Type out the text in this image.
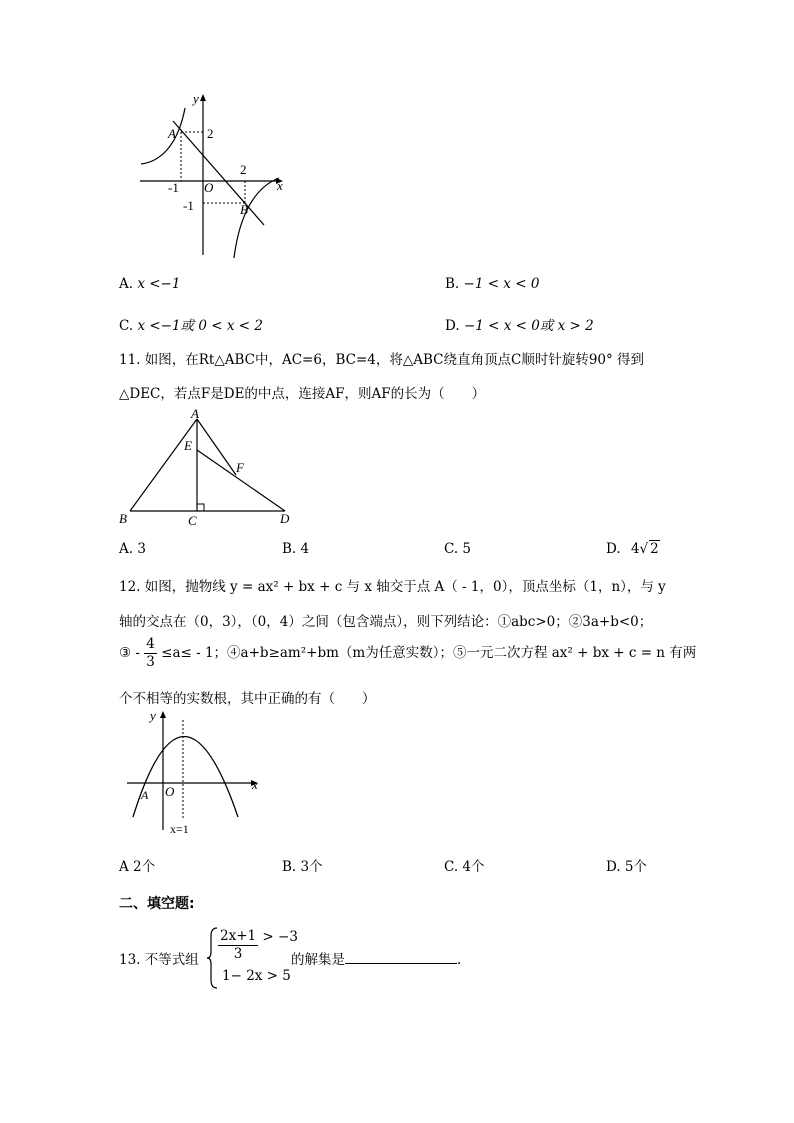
x
y
O
A
B
2
-1
-1
2
A. x <−1	B. −1 < x < 0
C. x <−1或 0 < x < 2	D. −1 < x < 0或 x > 2
11. 如图，在Rt△ABC中，AC=6，BC=4，将△ABC绕直角顶点C顺时针旋转90° 得到
△DEC，若点F是DE的中点，连接AF，则AF的长为（　　）
A
B	C	D
E
F
A. 3	B. 4	C. 5	D. 4√ 2
12. 如图，抛物线 y = ax² + bx + c 与 x 轴交于点 A（ - 1，0），顶点坐标（1，n），与 y
轴的交点在（0，3），（0，4）之间（包含端点），则下列结论：①abc>0；②3a+b<0；
③ - $\frac{4}{3} \le a\le - 1$；④a+b≥am²+bm（m为任意实数）；⑤一元二次方程 ax² + bx + c = n 有两
个不相等的实数根，其中正确的有（　　）
x
y
O
A
x=1
A 2个	B. 3个	C. 4个	D. 5个
二、填空题:
13. 不等式组 $\frac{2x+1}{3} > -3$
1− 2x > 5
的解集是	.
